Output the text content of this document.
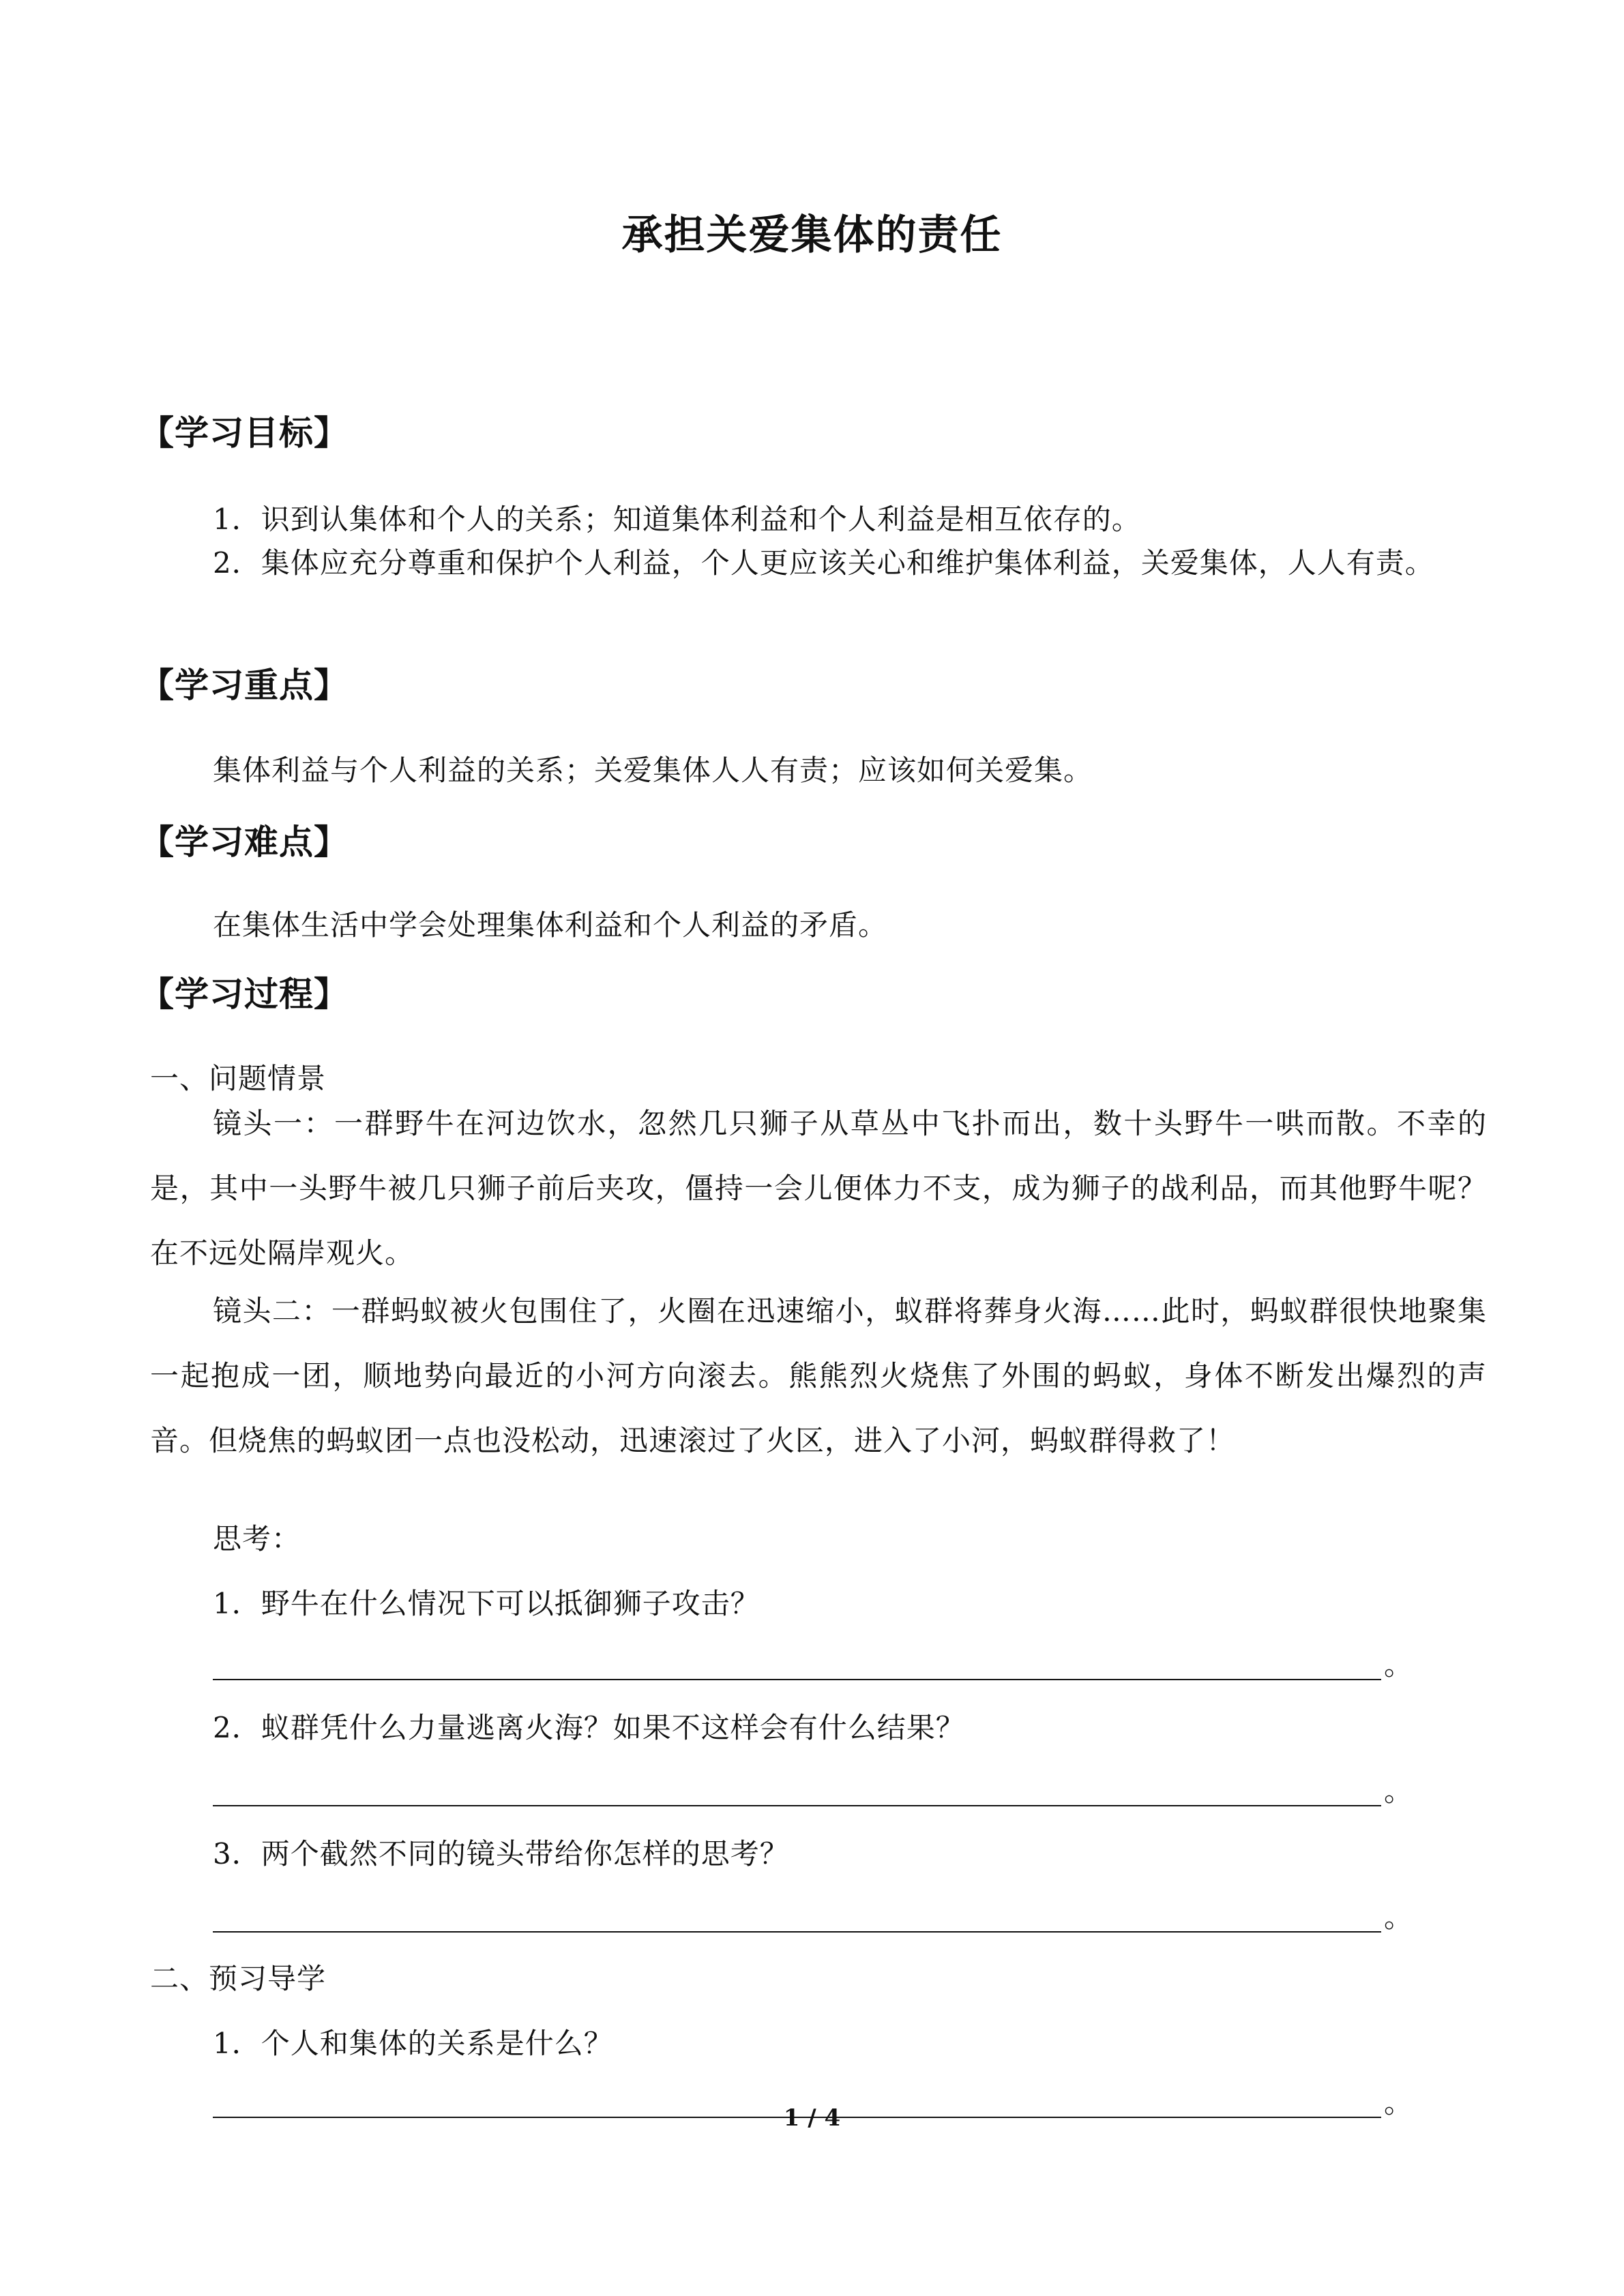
承担关爱集体的责任
【学习目标】
1．识到认集体和个人的关系；知道集体利益和个人利益是相互依存的。

2．集体应充分尊重和保护个人利益，个人更应该关心和维护集体利益，关爱集体，人人有责。

【学习重点】
集体利益与个人利益的关系；关爱集体人人有责；应该如何关爱集。
【学习难点】
在集体生活中学会处理集体利益和个人利益的矛盾。
【学习过程】
一、问题情景

镜头一：一群野牛在河边饮水，忽然几只狮子从草丛中飞扑而出，数十头野牛一哄而散。不幸的是，其中一头野牛被几只狮子前后夹攻，僵持一会儿便体力不支，成为狮子的战利品，而其他野牛呢？在不远处隔岸观火。

镜头二：一群蚂蚁被火包围住了，火圈在迅速缩小，蚁群将葬身火海……此时，蚂蚁群很快地聚集一起抱成一团，顺地势向最近的小河方向滚去。熊熊烈火烧焦了外围的蚂蚁，身体不断发出爆烈的声音。但烧焦的蚂蚁团一点也没松动，迅速滚过了火区，进入了小河，蚂蚁群得救了！

思考：
1．野牛在什么情况下可以抵御狮子攻击？
。
2．蚁群凭什么力量逃离火海？如果不这样会有什么结果？
。
3．两个截然不同的镜头带给你怎样的思考？
。
二、预习导学
1．个人和集体的关系是什么？
。
1 / 4
